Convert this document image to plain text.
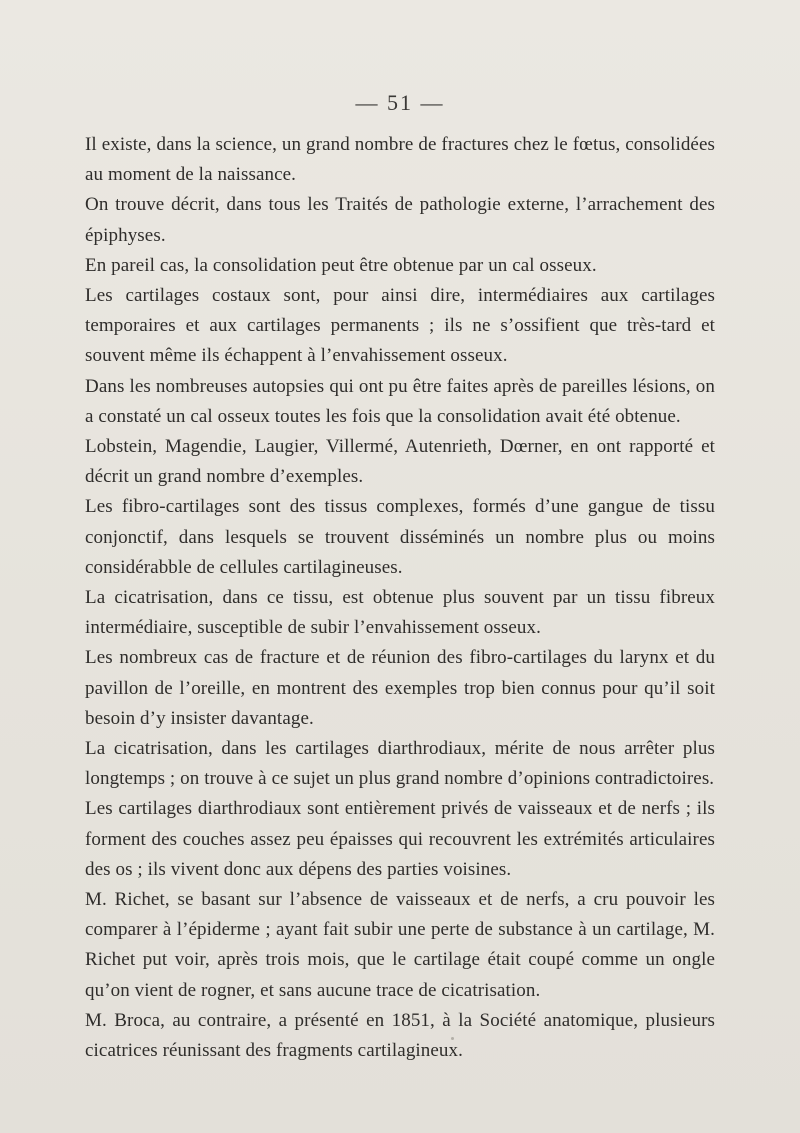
— 51 —

Il existe, dans la science, un grand nombre de fractures chez le fœtus, consolidées au moment de la naissance.

On trouve décrit, dans tous les Traités de pathologie externe, l’arrachement des épiphyses.

En pareil cas, la consolidation peut être obtenue par un cal osseux.

Les cartilages costaux sont, pour ainsi dire, intermédiaires aux cartilages temporaires et aux cartilages permanents ; ils ne s’ossifient que très-tard et souvent même ils échappent à l’envahissement osseux.

Dans les nombreuses autopsies qui ont pu être faites après de pareilles lésions, on a constaté un cal osseux toutes les fois que la consolidation avait été obtenue.

Lobstein, Magendie, Laugier, Villermé, Autenrieth, Dœrner, en ont rapporté et décrit un grand nombre d’exemples.

Les fibro-cartilages sont des tissus complexes, formés d’une gangue de tissu conjonctif, dans lesquels se trouvent disséminés un nombre plus ou moins considérabble de cellules cartilagineuses.

La cicatrisation, dans ce tissu, est obtenue plus souvent par un tissu fibreux intermédiaire, susceptible de subir l’envahissement osseux.

Les nombreux cas de fracture et de réunion des fibro-cartilages du larynx et du pavillon de l’oreille, en montrent des exemples trop bien connus pour qu’il soit besoin d’y insister davantage.

La cicatrisation, dans les cartilages diarthrodiaux, mérite de nous arrêter plus longtemps ; on trouve à ce sujet un plus grand nombre d’opinions contradictoires.

Les cartilages diarthrodiaux sont entièrement privés de vaisseaux et de nerfs ; ils forment des couches assez peu épaisses qui recouvrent les extrémités articulaires des os ; ils vivent donc aux dépens des parties voisines.

M. Richet, se basant sur l’absence de vaisseaux et de nerfs, a cru pouvoir les comparer à l’épiderme ; ayant fait subir une perte de substance à un cartilage, M. Richet put voir, après trois mois, que le cartilage était coupé comme un ongle qu’on vient de rogner, et sans aucune trace de cicatrisation.

M. Broca, au contraire, a présenté en 1851, à la Société anatomique, plusieurs cicatrices réunissant des fragments cartilagineux.
